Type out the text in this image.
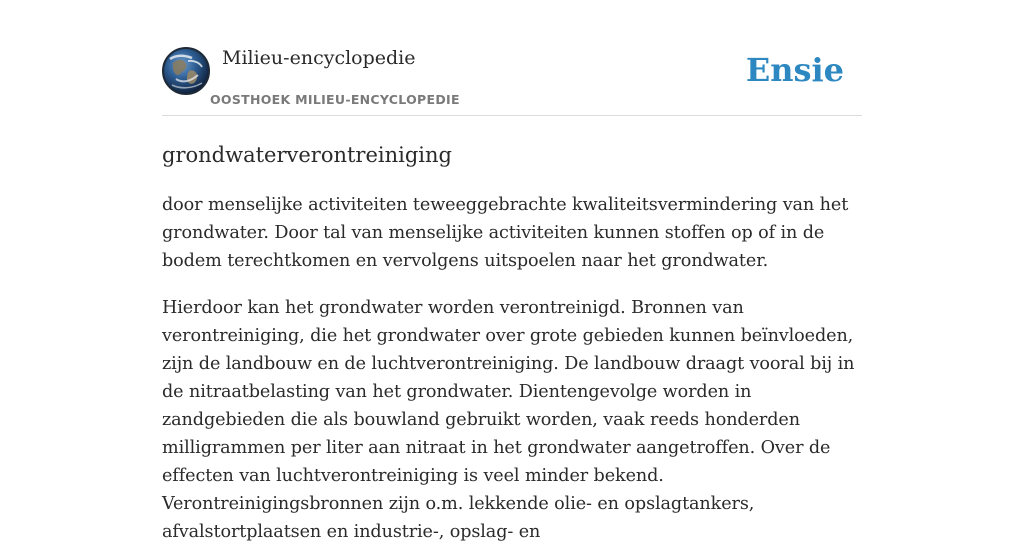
Milieu-encyclopedie
OOSTHOEK MILIEU-ENCYCLOPEDIE
Ensie
grondwaterverontreiniging

door menselijke activiteiten teweeggebrachte kwaliteitsvermindering van het grondwater. Door tal van menselijke activiteiten kunnen stoffen op of in de bodem terechtkomen en vervolgens uitspoelen naar het grondwater.

Hierdoor kan het grondwater worden verontreinigd. Bronnen van verontreiniging, die het grondwater over grote gebieden kunnen beïnvloeden, zijn de landbouw en de luchtverontreiniging. De landbouw draagt vooral bij in de nitraatbelasting van het grondwater. Dientengevolge worden in zandgebieden die als bouwland gebruikt worden, vaak reeds honderden milligrammen per liter aan nitraat in het grondwater aangetroffen. Over de effecten van luchtverontreiniging is veel minder bekend. Verontreinigingsbronnen zijn o.m. lekkende olie- en opslagtankers, afvalstortplaatsen en industrie-, opslag- en
